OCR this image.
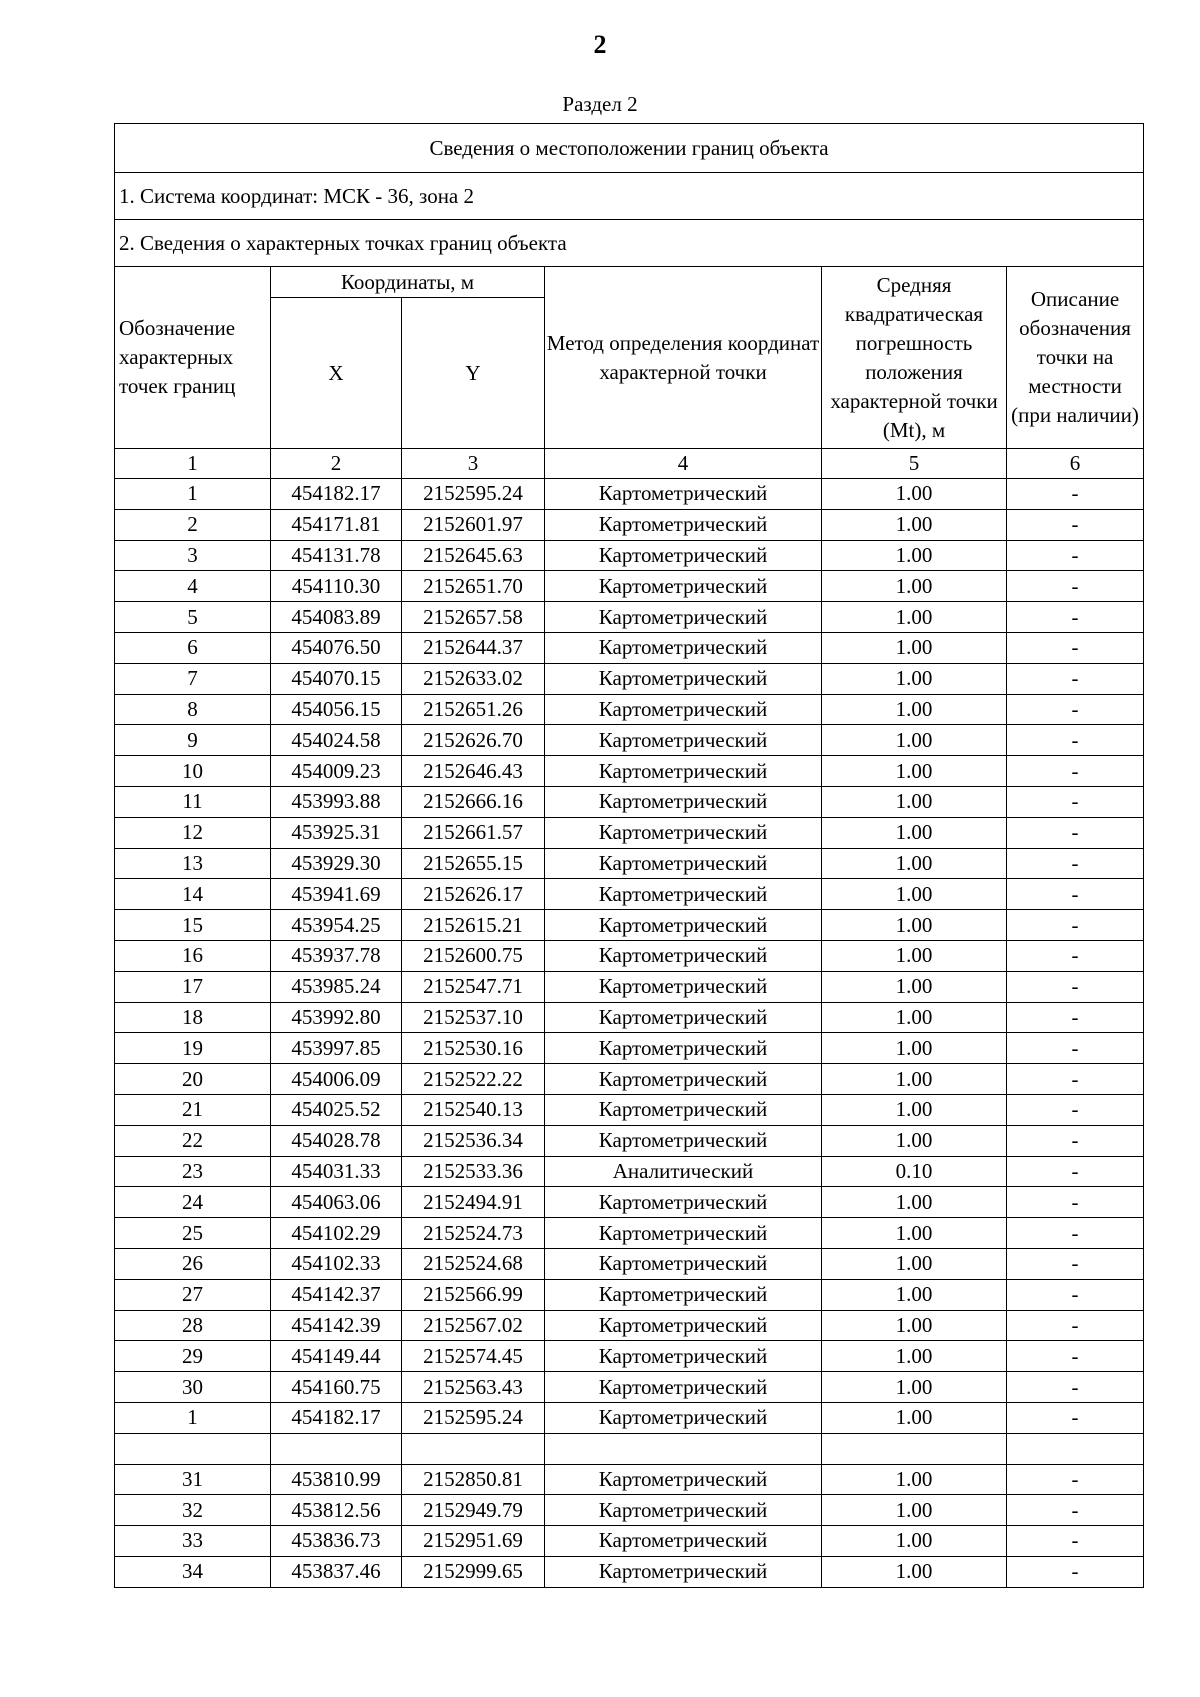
2
Раздел 2
Сведения о местоположении границ объекта					
1. Система координат: МСК - 36, зона 2					
2. Сведения о характерных точках границ объекта					
Обозначение характерных точек границ	Координаты, м		Метод определения координат характерной точки	Средняя квадратическая погрешность положения характерной точки (Mt), м	Описание обозначения точки на местности (при наличии)
	X	Y			
1	2	3	4	5	6
1	454182.17	2152595.24	Картометрический	1.00	-
2	454171.81	2152601.97	Картометрический	1.00	-
3	454131.78	2152645.63	Картометрический	1.00	-
4	454110.30	2152651.70	Картометрический	1.00	-
5	454083.89	2152657.58	Картометрический	1.00	-
6	454076.50	2152644.37	Картометрический	1.00	-
7	454070.15	2152633.02	Картометрический	1.00	-
8	454056.15	2152651.26	Картометрический	1.00	-
9	454024.58	2152626.70	Картометрический	1.00	-
10	454009.23	2152646.43	Картометрический	1.00	-
11	453993.88	2152666.16	Картометрический	1.00	-
12	453925.31	2152661.57	Картометрический	1.00	-
13	453929.30	2152655.15	Картометрический	1.00	-
14	453941.69	2152626.17	Картометрический	1.00	-
15	453954.25	2152615.21	Картометрический	1.00	-
16	453937.78	2152600.75	Картометрический	1.00	-
17	453985.24	2152547.71	Картометрический	1.00	-
18	453992.80	2152537.10	Картометрический	1.00	-
19	453997.85	2152530.16	Картометрический	1.00	-
20	454006.09	2152522.22	Картометрический	1.00	-
21	454025.52	2152540.13	Картометрический	1.00	-
22	454028.78	2152536.34	Картометрический	1.00	-
23	454031.33	2152533.36	Аналитический	0.10	-
24	454063.06	2152494.91	Картометрический	1.00	-
25	454102.29	2152524.73	Картометрический	1.00	-
26	454102.33	2152524.68	Картометрический	1.00	-
27	454142.37	2152566.99	Картометрический	1.00	-
28	454142.39	2152567.02	Картометрический	1.00	-
29	454149.44	2152574.45	Картометрический	1.00	-
30	454160.75	2152563.43	Картометрический	1.00	-
1	454182.17	2152595.24	Картометрический	1.00	-

31	453810.99	2152850.81	Картометрический	1.00	-
32	453812.56	2152949.79	Картометрический	1.00	-
33	453836.73	2152951.69	Картометрический	1.00	-
34	453837.46	2152999.65	Картометрический	1.00	-
